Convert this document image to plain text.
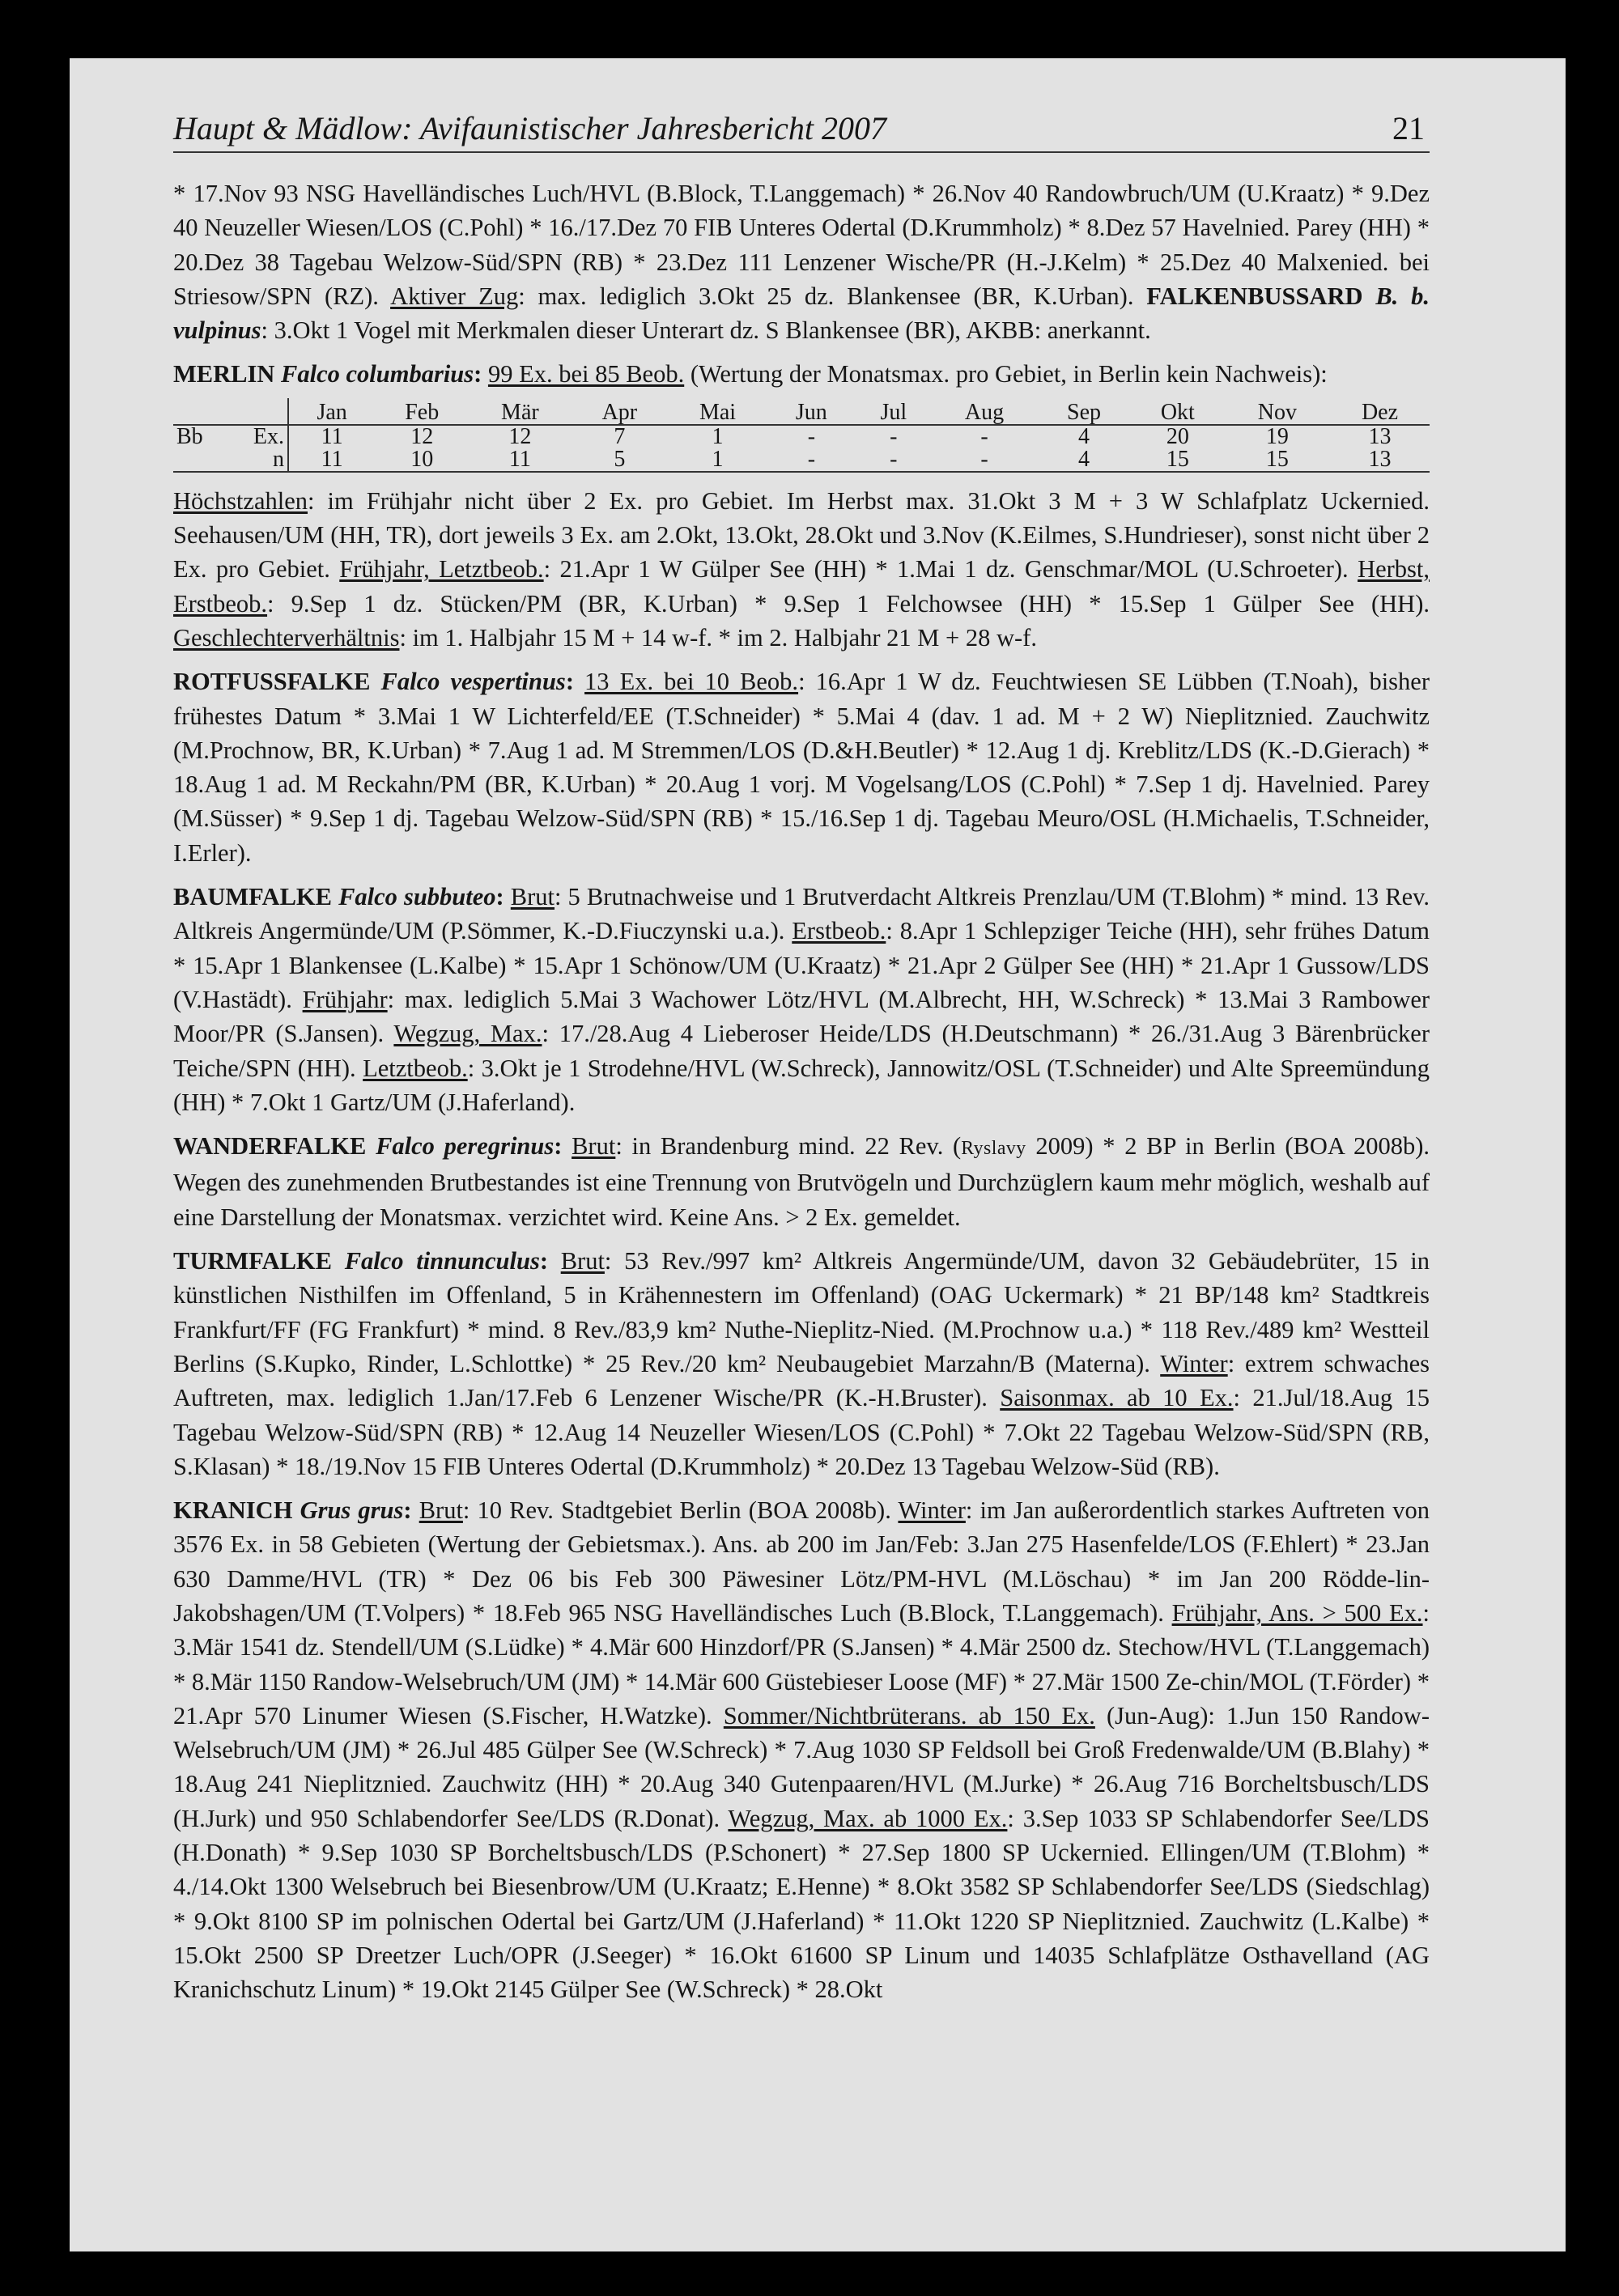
Haupt & Mädlow: Avifaunistischer Jahresbericht 2007	21

* 17.Nov 93 NSG Havelländisches Luch/HVL (B.Block, T.Langgemach) * 26.Nov 40 Randowbruch/UM (U.Kraatz) * 9.Dez 40 Neuzeller Wiesen/LOS (C.Pohl) * 16./17.Dez 70 FIB Unteres Odertal (D.Krummholz) * 8.Dez 57 Havelnied. Parey (HH) * 20.Dez 38 Tagebau Welzow-Süd/SPN (RB) * 23.Dez 111 Lenzener Wische/PR (H.-J.Kelm) * 25.Dez 40 Malxenied. bei Striesow/SPN (RZ). Aktiver Zug: max. lediglich 3.Okt 25 dz. Blankensee (BR, K.Urban). FALKENBUSSARD B. b. vulpinus: 3.Okt 1 Vogel mit Merkmalen dieser Unterart dz. S Blankensee (BR), AKBB: anerkannt.

MERLIN Falco columbarius: 99 Ex. bei 85 Beob. (Wertung der Monatsmax. pro Gebiet, in Berlin kein Nachweis):

		Jan	Feb	Mär	Apr	Mai	Jun	Jul	Aug	Sep	Okt	Nov	Dez
Bb	Ex.	11	12	12	7	1	-	-	-	4	20	19	13
	n	11	10	11	5	1	-	-	-	4	15	15	13

Höchstzahlen: im Frühjahr nicht über 2 Ex. pro Gebiet. Im Herbst max. 31.Okt 3 M + 3 W Schlafplatz Uckernied. Seehausen/UM (HH, TR), dort jeweils 3 Ex. am 2.Okt, 13.Okt, 28.Okt und 3.Nov (K.Eilmes, S.Hundrieser), sonst nicht über 2 Ex. pro Gebiet. Frühjahr, Letztbeob.: 21.Apr 1 W Gülper See (HH) * 1.Mai 1 dz. Genschmar/MOL (U.Schroeter). Herbst, Erstbeob.: 9.Sep 1 dz. Stücken/PM (BR, K.Urban) * 9.Sep 1 Felchowsee (HH) * 15.Sep 1 Gülper See (HH). Geschlechterverhältnis: im 1. Halbjahr 15 M + 14 w-f. * im 2. Halbjahr 21 M + 28 w-f.

ROTFUSSFALKE Falco vespertinus: 13 Ex. bei 10 Beob.: 16.Apr 1 W dz. Feuchtwiesen SE Lübben (T.Noah), bisher frühestes Datum * 3.Mai 1 W Lichterfeld/EE (T.Schneider) * 5.Mai 4 (dav. 1 ad. M + 2 W) Nieplitznied. Zauchwitz (M.Prochnow, BR, K.Urban) * 7.Aug 1 ad. M Stremmen/LOS (D.&H.Beutler) * 12.Aug 1 dj. Kreblitz/LDS (K.-D.Gierach) * 18.Aug 1 ad. M Reckahn/PM (BR, K.Urban) * 20.Aug 1 vorj. M Vogelsang/LOS (C.Pohl) * 7.Sep 1 dj. Havelnied. Parey (M.Süsser) * 9.Sep 1 dj. Tagebau Welzow-Süd/SPN (RB) * 15./16.Sep 1 dj. Tagebau Meuro/OSL (H.Michaelis, T.Schneider, I.Erler).

BAUMFALKE Falco subbuteo: Brut: 5 Brutnachweise und 1 Brutverdacht Altkreis Prenzlau/UM (T.Blohm) * mind. 13 Rev. Altkreis Angermünde/UM (P.Sömmer, K.-D.Fiuczynski u.a.). Erstbeob.: 8.Apr 1 Schlepziger Teiche (HH), sehr frühes Datum * 15.Apr 1 Blankensee (L.Kalbe) * 15.Apr 1 Schönow/UM (U.Kraatz) * 21.Apr 2 Gülper See (HH) * 21.Apr 1 Gussow/LDS (V.Hastädt). Frühjahr: max. lediglich 5.Mai 3 Wachower Lötz/HVL (M.Albrecht, HH, W.Schreck) * 13.Mai 3 Rambower Moor/PR (S.Jansen). Wegzug, Max.: 17./28.Aug 4 Lieberoser Heide/LDS (H.Deutschmann) * 26./31.Aug 3 Bärenbrücker Teiche/SPN (HH). Letztbeob.: 3.Okt je 1 Strodehne/HVL (W.Schreck), Jannowitz/OSL (T.Schneider) und Alte Spreemündung (HH) * 7.Okt 1 Gartz/UM (J.Haferland).

WANDERFALKE Falco peregrinus: Brut: in Brandenburg mind. 22 Rev. (Ryslavy 2009) * 2 BP in Berlin (BOA 2008b). Wegen des zunehmenden Brutbestandes ist eine Trennung von Brutvögeln und Durchzüglern kaum mehr möglich, weshalb auf eine Darstellung der Monatsmax. verzichtet wird. Keine Ans. > 2 Ex. gemeldet.

TURMFALKE Falco tinnunculus: Brut: 53 Rev./997 km² Altkreis Angermünde/UM, davon 32 Gebäudebrüter, 15 in künstlichen Nisthilfen im Offenland, 5 in Krähennestern im Offenland) (OAG Uckermark) * 21 BP/148 km² Stadtkreis Frankfurt/FF (FG Frankfurt) * mind. 8 Rev./83,9 km² Nuthe-Nieplitz-Nied. (M.Prochnow u.a.) * 118 Rev./489 km² Westteil Berlins (S.Kupko, Rinder, L.Schlottke) * 25 Rev./20 km² Neubaugebiet Marzahn/B (Materna). Winter: extrem schwaches Auftreten, max. lediglich 1.Jan/17.Feb 6 Lenzener Wische/PR (K.-H.Bruster). Saisonmax. ab 10 Ex.: 21.Jul/18.Aug 15 Tagebau Welzow-Süd/SPN (RB) * 12.Aug 14 Neuzeller Wiesen/LOS (C.Pohl) * 7.Okt 22 Tagebau Welzow-Süd/SPN (RB, S.Klasan) * 18./19.Nov 15 FIB Unteres Odertal (D.Krummholz) * 20.Dez 13 Tagebau Welzow-Süd (RB).

KRANICH Grus grus: Brut: 10 Rev. Stadtgebiet Berlin (BOA 2008b). Winter: im Jan außerordentlich starkes Auftreten von 3576 Ex. in 58 Gebieten (Wertung der Gebietsmax.). Ans. ab 200 im Jan/Feb: 3.Jan 275 Hasenfelde/LOS (F.Ehlert) * 23.Jan 630 Damme/HVL (TR) * Dez 06 bis Feb 300 Päwesiner Lötz/PM-HVL (M.Löschau) * im Jan 200 Rödde-lin-Jakobshagen/UM (T.Volpers) * 18.Feb 965 NSG Havelländisches Luch (B.Block, T.Langgemach). Frühjahr, Ans. > 500 Ex.: 3.Mär 1541 dz. Stendell/UM (S.Lüdke) * 4.Mär 600 Hinzdorf/PR (S.Jansen) * 4.Mär 2500 dz. Stechow/HVL (T.Langgemach) * 8.Mär 1150 Randow-Welsebruch/UM (JM) * 14.Mär 600 Güstebieser Loose (MF) * 27.Mär 1500 Ze-chin/MOL (T.Förder) * 21.Apr 570 Linumer Wiesen (S.Fischer, H.Watzke). Sommer/Nichtbrüterans. ab 150 Ex. (Jun-Aug): 1.Jun 150 Randow-Welsebruch/UM (JM) * 26.Jul 485 Gülper See (W.Schreck) * 7.Aug 1030 SP Feldsoll bei Groß Fredenwalde/UM (B.Blahy) * 18.Aug 241 Nieplitznied. Zauchwitz (HH) * 20.Aug 340 Gutenpaaren/HVL (M.Jurke) * 26.Aug 716 Borcheltsbusch/LDS (H.Jurk) und 950 Schlabendorfer See/LDS (R.Donat). Wegzug, Max. ab 1000 Ex.: 3.Sep 1033 SP Schlabendorfer See/LDS (H.Donath) * 9.Sep 1030 SP Borcheltsbusch/LDS (P.Schonert) * 27.Sep 1800 SP Uckernied. Ellingen/UM (T.Blohm) * 4./14.Okt 1300 Welsebruch bei Biesenbrow/UM (U.Kraatz; E.Henne) * 8.Okt 3582 SP Schlabendorfer See/LDS (Siedschlag) * 9.Okt 8100 SP im polnischen Odertal bei Gartz/UM (J.Haferland) * 11.Okt 1220 SP Nieplitznied. Zauchwitz (L.Kalbe) * 15.Okt 2500 SP Dreetzer Luch/OPR (J.Seeger) * 16.Okt 61600 SP Linum und 14035 Schlafplätze Osthavelland (AG Kranichschutz Linum) * 19.Okt 2145 Gülper See (W.Schreck) * 28.Okt
